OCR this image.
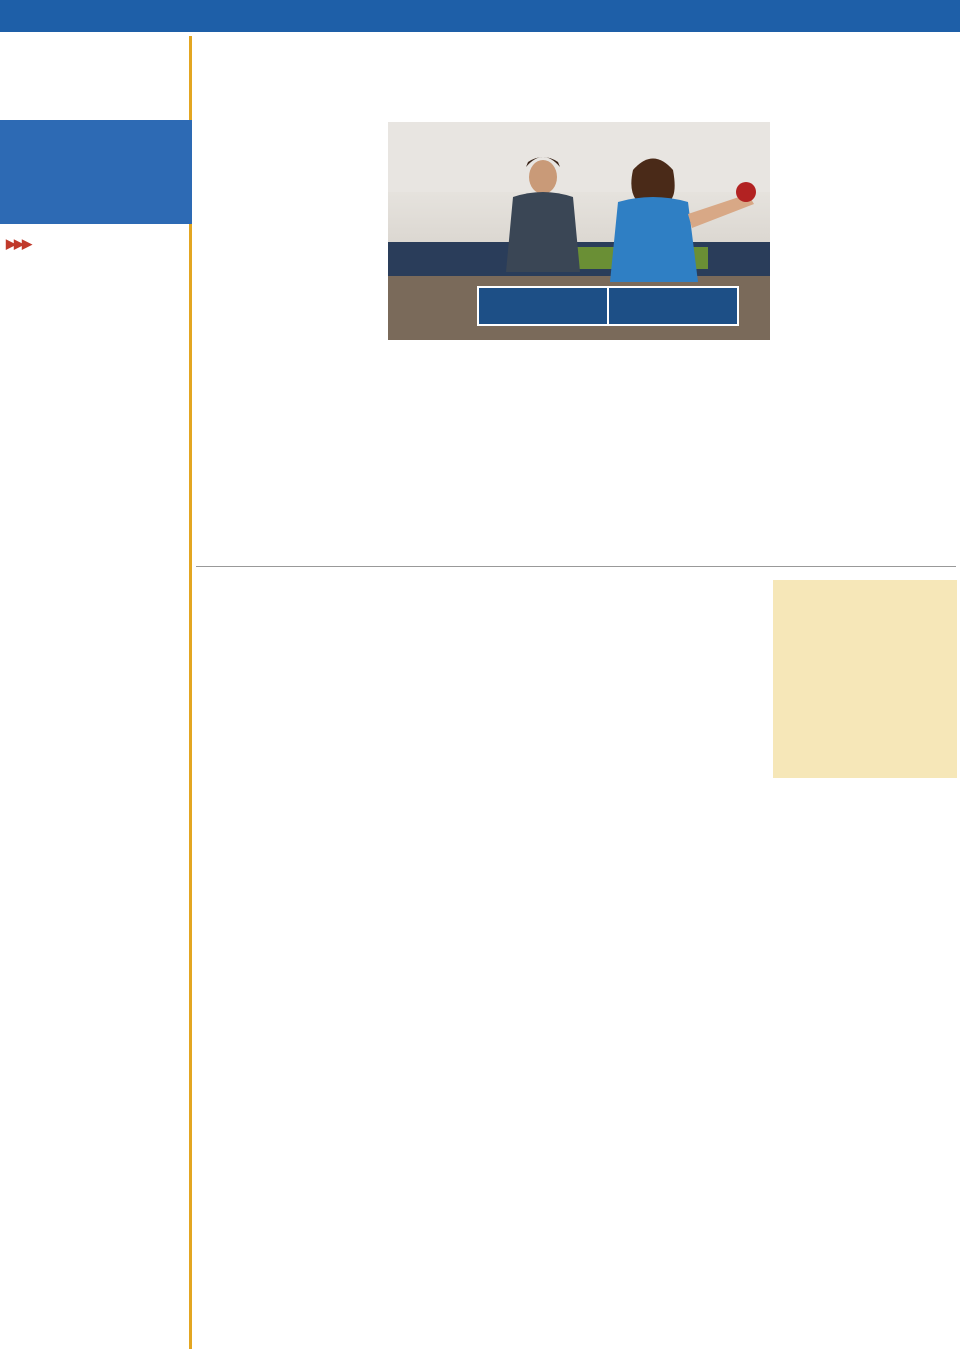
▶▶▶
